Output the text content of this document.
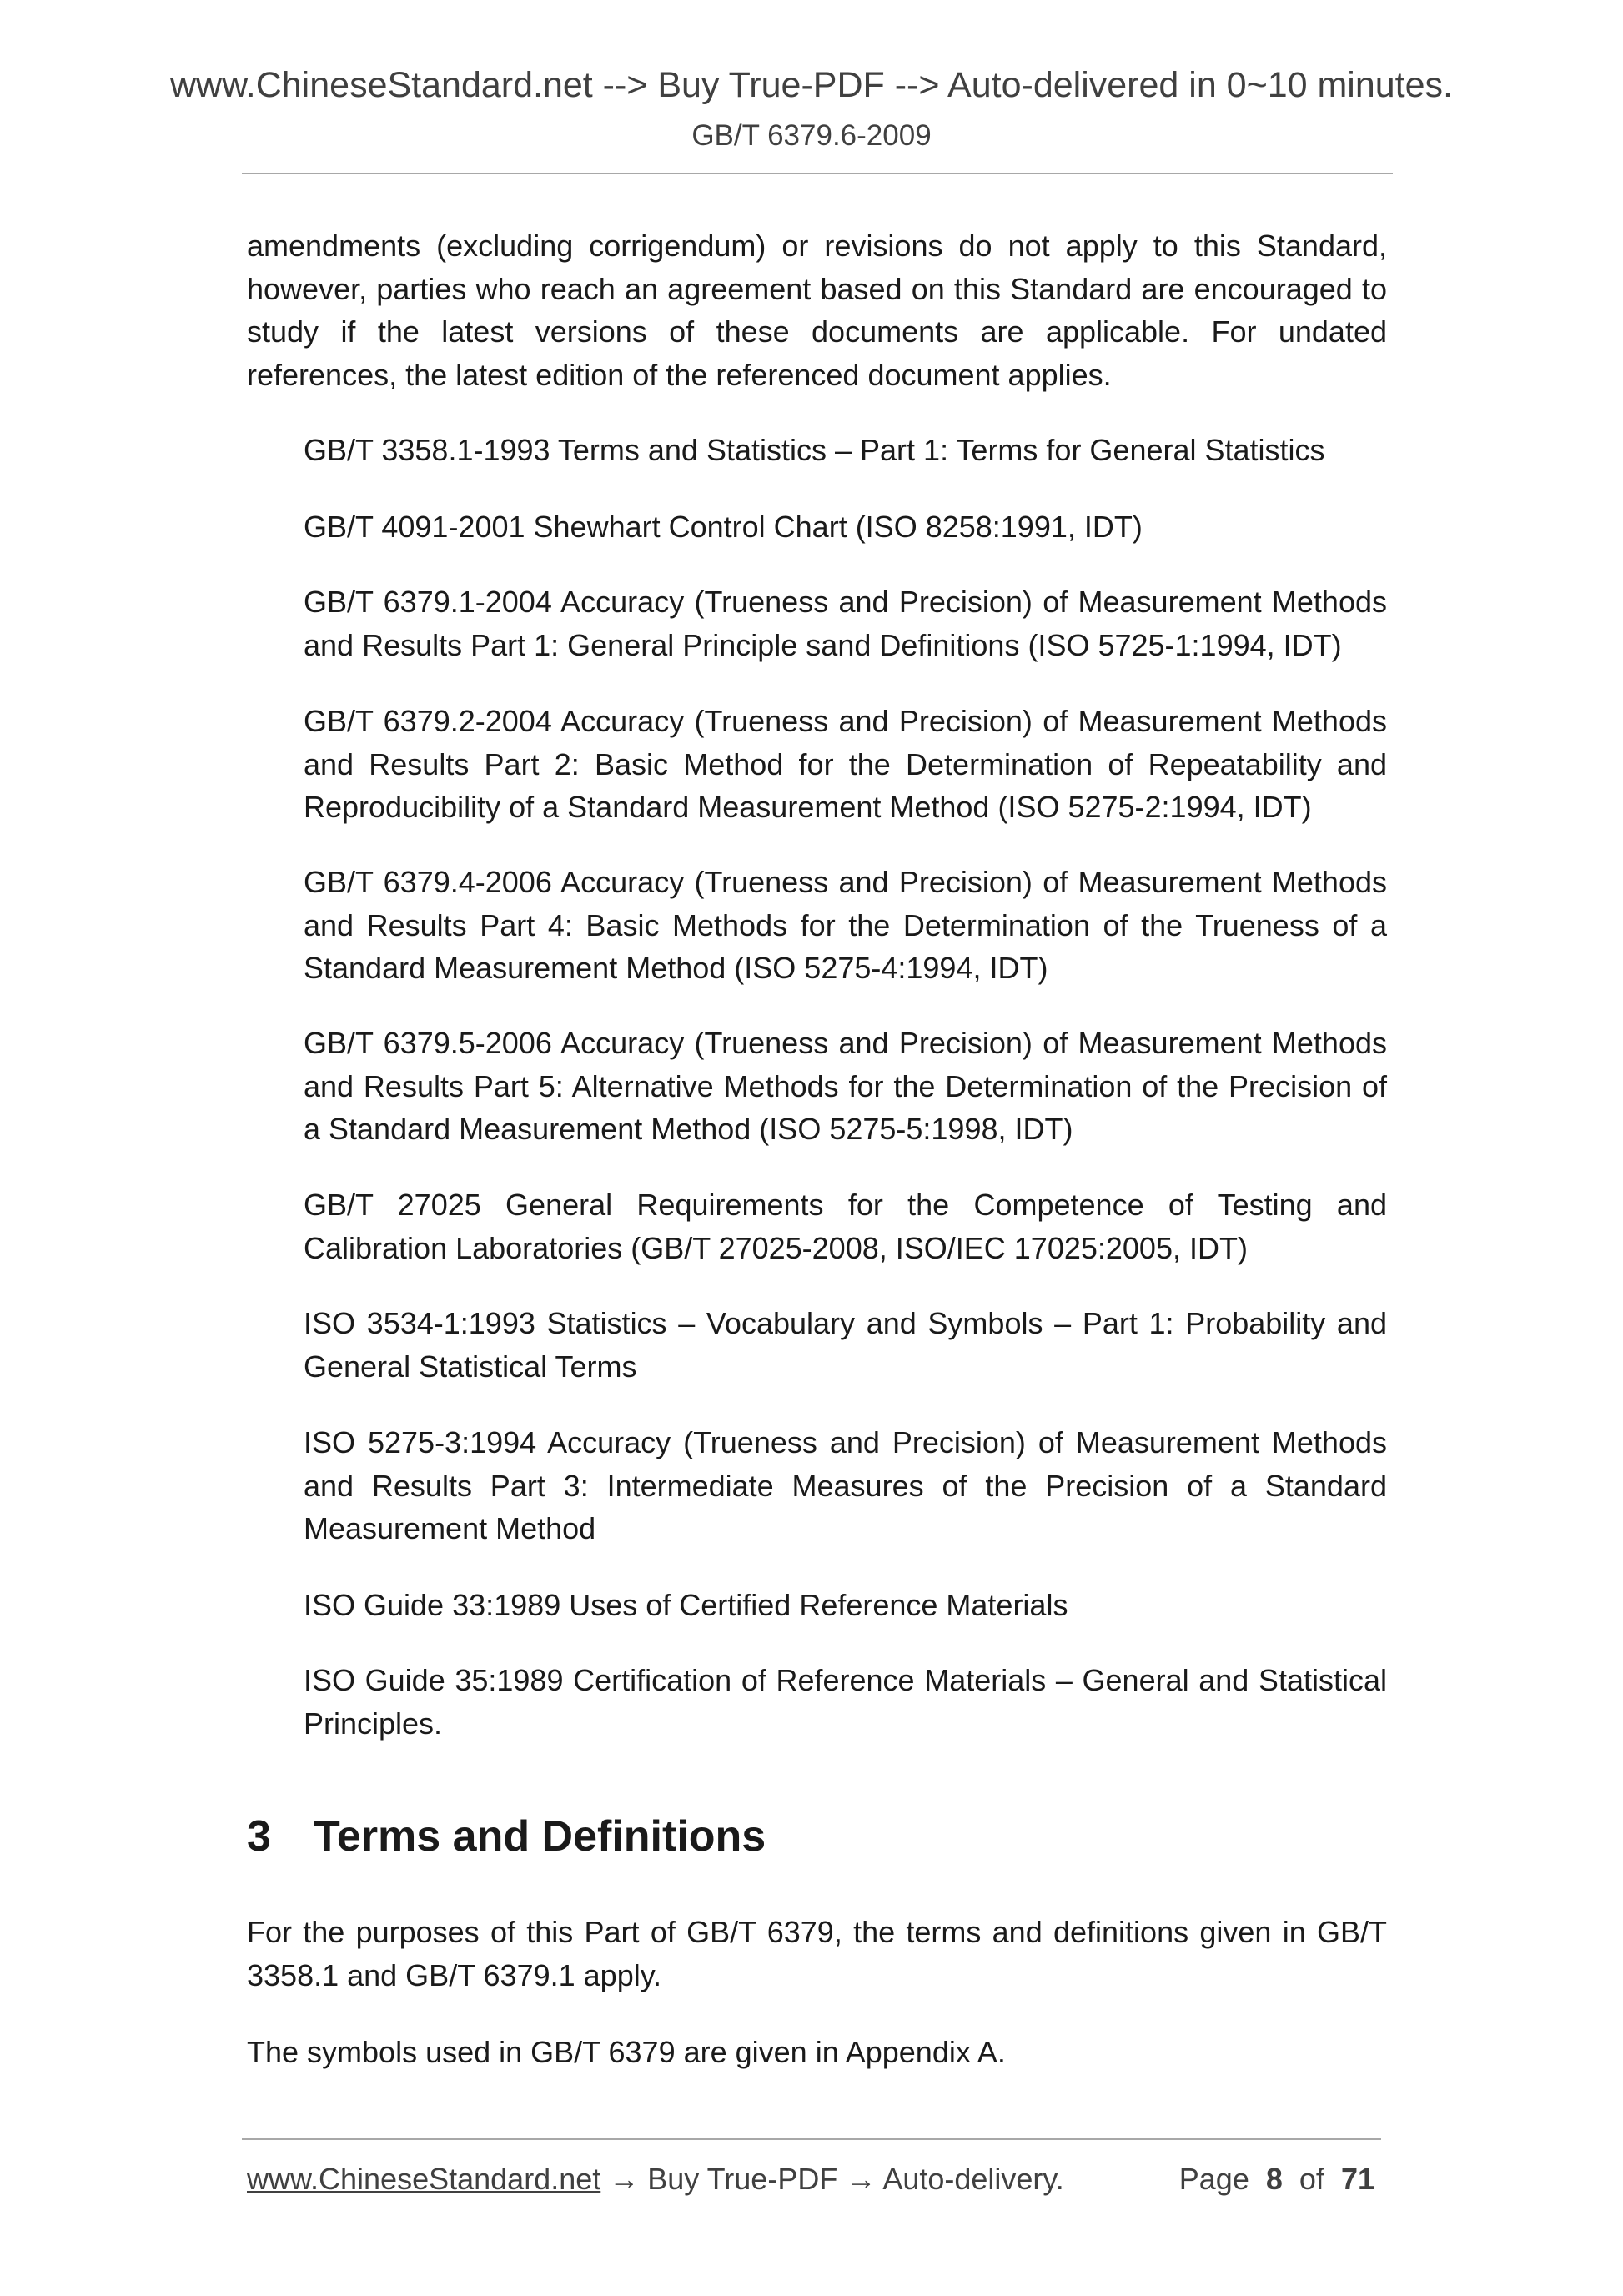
www.ChineseStandard.net --> Buy True-PDF --> Auto-delivered in 0~10 minutes.
GB/T 6379.6-2009
amendments (excluding corrigendum) or revisions do not apply to this Standard, however, parties who reach an agreement based on this Standard are encouraged to study if the latest versions of these documents are applicable. For undated references, the latest edition of the referenced document applies.
GB/T 3358.1-1993 Terms and Statistics – Part 1: Terms for General Statistics
GB/T 4091-2001 Shewhart Control Chart (ISO 8258:1991, IDT)
GB/T 6379.1-2004 Accuracy (Trueness and Precision) of Measurement Methods and Results Part 1: General Principle sand Definitions (ISO 5725-1:1994, IDT)
GB/T 6379.2-2004 Accuracy (Trueness and Precision) of Measurement Methods and Results Part 2: Basic Method for the Determination of Repeatability and Reproducibility of a Standard Measurement Method (ISO 5275-2:1994, IDT)
GB/T 6379.4-2006 Accuracy (Trueness and Precision) of Measurement Methods and Results Part 4: Basic Methods for the Determination of the Trueness of a Standard Measurement Method (ISO 5275-4:1994, IDT)
GB/T 6379.5-2006 Accuracy (Trueness and Precision) of Measurement Methods and Results Part 5: Alternative Methods for the Determination of the Precision of a Standard Measurement Method (ISO 5275-5:1998, IDT)
GB/T 27025 General Requirements for the Competence of Testing and Calibration Laboratories (GB/T 27025-2008, ISO/IEC 17025:2005, IDT)
ISO 3534-1:1993 Statistics – Vocabulary and Symbols – Part 1: Probability and General Statistical Terms
ISO 5275-3:1994 Accuracy (Trueness and Precision) of Measurement Methods and Results Part 3: Intermediate Measures of the Precision of a Standard Measurement Method
ISO Guide 33:1989 Uses of Certified Reference Materials
ISO Guide 35:1989 Certification of Reference Materials – General and Statistical Principles.
3 Terms and Definitions
For the purposes of this Part of GB/T 6379, the terms and definitions given in GB/T 3358.1 and GB/T 6379.1 apply.
The symbols used in GB/T 6379 are given in Appendix A.
www.ChineseStandard.net → Buy True-PDF → Auto-delivery.	Page 8 of 71
